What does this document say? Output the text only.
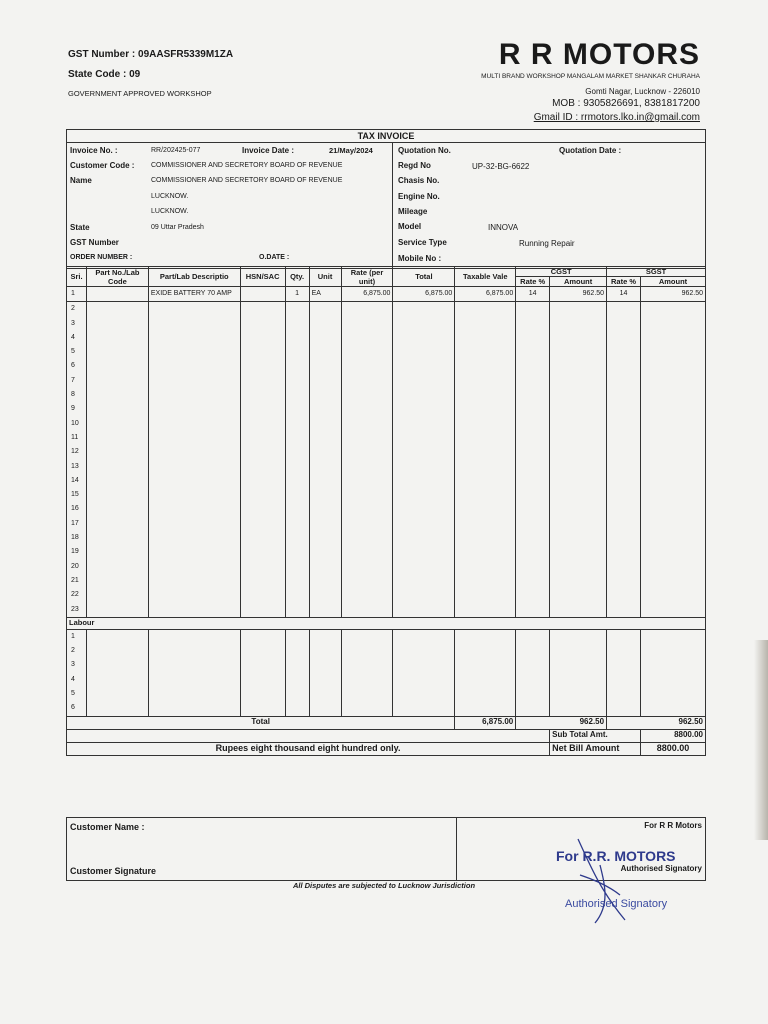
GST Number : 09AASFR5339M1ZA
State Code : 09
GOVERNMENT APPROVED WORKSHOP
R R MOTORS
MULTI BRAND WORKSHOP MANGALAM MARKET SHANKAR CHURAHA
Gomti Nagar, Lucknow - 226010
MOB : 9305826691, 8381817200
Gmail ID : rrmotors.lko.in@gmail.com
TAX INVOICE
Invoice No. :	RR/202425-077	Invoice Date :	21/May/2024
Customer Code : COMMISSIONER AND SECRETORY BOARD OF REVENUE
Name	COMMISSIONER AND SECRETORY BOARD OF REVENUE
LUCKNOW.
LUCKNOW.
State	09 Uttar Pradesh
GST Number
ORDER NUMBER :	O.DATE :
Quotation No.	Quotation Date :
Regd No	UP-32-BG-6622
Chasis No.
Engine No.
Mileage
Model	INNOVA
Service Type	Running Repair
Mobile No :
Sri.	Part No./Lab Code	Part/Lab Descriptio	HSN/SAC	Qty.	Unit	Rate (per unit)	Total	Taxable Vale	CGST		SGST	
									Rate %	Amount	Rate %	Amount
1		EXIDE BATTERY 70 AMP		1	EA	6,875.00	6,875.00	6,875.00	14	962.50	14	962.50
2												
3												
4												
5												
6												
7												
8												
9												
10												
11												
12												
13												
14												
15												
16												
17												
18												
19												
20												
21												
22												
23												
Labour												
1												
2												
3												
4												
5												
6												
Total								6,875.00	962.50		962.50	
										Sub Total Amt.		8800.00
Rupees eight thousand eight hundred only.										Net Bill Amount		8800.00
Customer Name :
Customer Signature
For R R Motors
Authorised Signatory
All Disputes are subjected to Lucknow Jurisdiction
For R.R. MOTORS
Authorised Signatory
